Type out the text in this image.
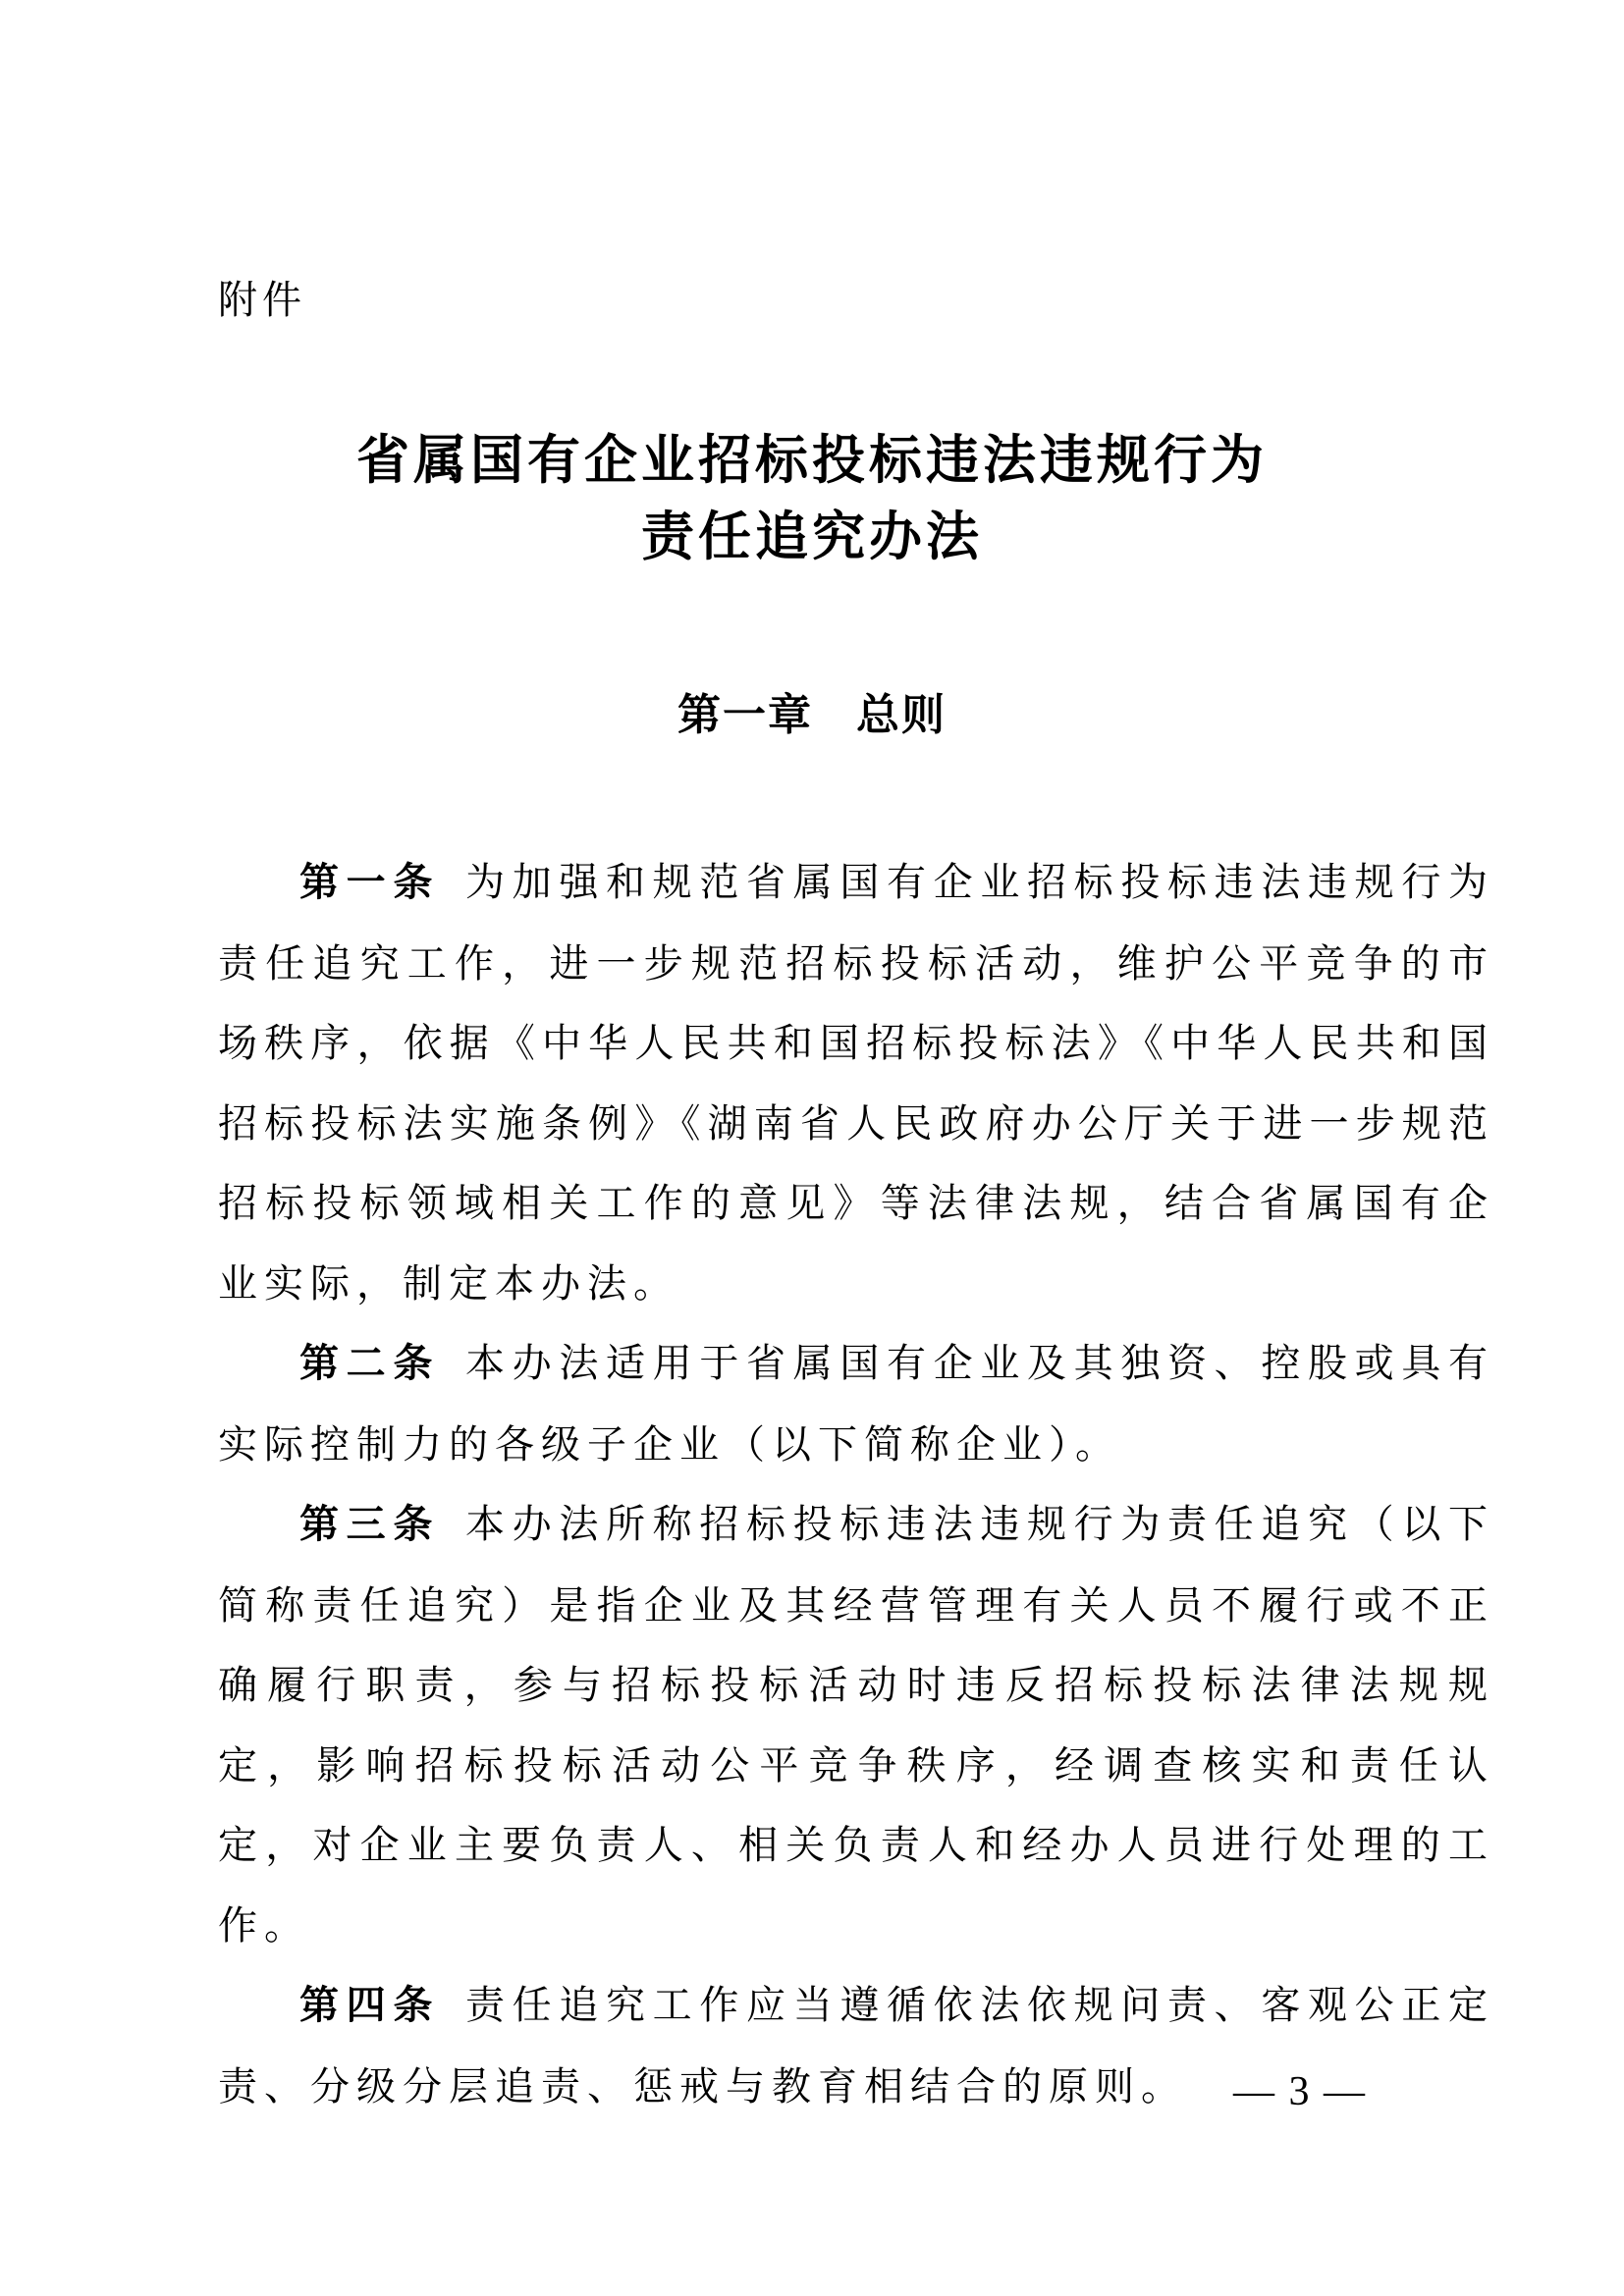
附件
省属国有企业招标投标违法违规行为
责任追究办法
第一章 总则

第一条 为加强和规范省属国有企业招标投标违法违规行为责任追究工作，进一步规范招标投标活动，维护公平竞争的市场秩序，依据《中华人民共和国招标投标法》《中华人民共和国招标投标法实施条例》《湖南省人民政府办公厅关于进一步规范招标投标领域相关工作的意见》等法律法规，结合省属国有企业实际，制定本办法。

第二条 本办法适用于省属国有企业及其独资、控股或具有实际控制力的各级子企业（以下简称企业）。

第三条 本办法所称招标投标违法违规行为责任追究（以下简称责任追究）是指企业及其经营管理有关人员不履行或不正确履行职责，参与招标投标活动时违反招标投标法律法规规定，影响招标投标活动公平竞争秩序，经调查核实和责任认定，对企业主要负责人、相关负责人和经办人员进行处理的工作。

第四条 责任追究工作应当遵循依法依规问责、客观公正定责、分级分层追责、惩戒与教育相结合的原则。	— 3 —
